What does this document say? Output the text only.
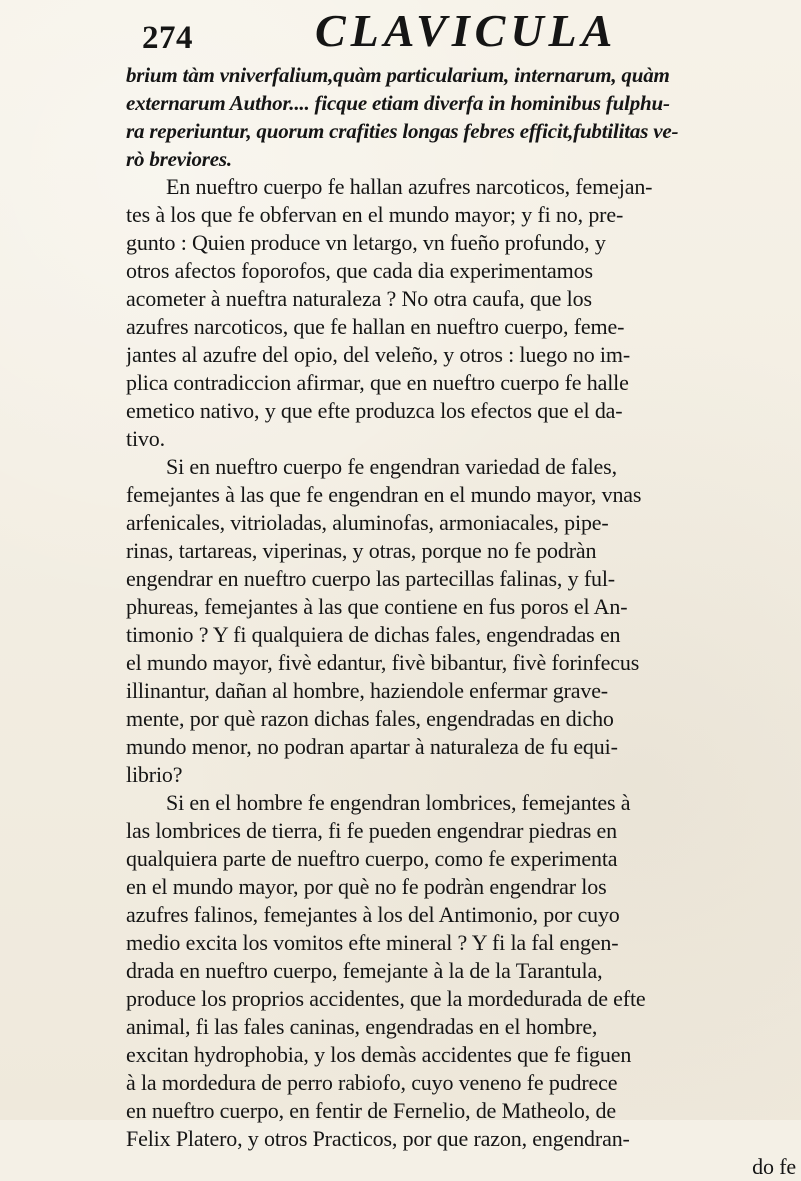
274	CLAVICULA
brium tàm vniverfalium,quàm particularium, internarum, quàm
externarum Author.... ficque etiam diverfa in hominibus fulphu-
ra reperiuntur, quorum crafities longas febres efficit,fubtilitas ve-
rò breviores.
En nueftro cuerpo fe hallan azufres narcoticos, femejan-
tes à los que fe obfervan en el mundo mayor; y fi no, pre-
gunto : Quien produce vn letargo, vn fueño profundo, y
otros afectos foporofos, que cada dia experimentamos
acometer à nueftra naturaleza ? No otra caufa, que los
azufres narcoticos, que fe hallan en nueftro cuerpo, feme-
jantes al azufre del opio, del veleño, y otros : luego no im-
plica contradiccion afirmar, que en nueftro cuerpo fe halle
emetico nativo, y que efte produzca los efectos que el da-
tivo.
Si en nueftro cuerpo fe engendran variedad de fales,
femejantes à las que fe engendran en el mundo mayor, vnas
arfenicales, vitrioladas, aluminofas, armoniacales, pipe-
rinas, tartareas, viperinas, y otras, porque no fe podràn
engendrar en nueftro cuerpo las partecillas falinas, y ful-
phureas, femejantes à las que contiene en fus poros el An-
timonio ? Y fi qualquiera de dichas fales, engendradas en
el mundo mayor, fivè edantur, fivè bibantur, fivè forinfecus
illinantur, dañan al hombre, haziendole enfermar grave-
mente, por què razon dichas fales, engendradas en dicho
mundo menor, no podran apartar à naturaleza de fu equi-
librio?
Si en el hombre fe engendran lombrices, femejantes à
las lombrices de tierra, fi fe pueden engendrar piedras en
qualquiera parte de nueftro cuerpo, como fe experimenta
en el mundo mayor, por què no fe podràn engendrar los
azufres falinos, femejantes à los del Antimonio, por cuyo
medio excita los vomitos efte mineral ? Y fi la fal engen-
drada en nueftro cuerpo, femejante à la de la Tarantula,
produce los proprios accidentes, que la mordedurada de efte
animal, fi las fales caninas, engendradas en el hombre,
excitan hydrophobia, y los demàs accidentes que fe figuen
à la mordedura de perro rabiofo, cuyo veneno fe pudrece
en nueftro cuerpo, en fentir de Fernelio, de Matheolo, de
Felix Platero, y otros Practicos, por que razon, engendran-
do fe
